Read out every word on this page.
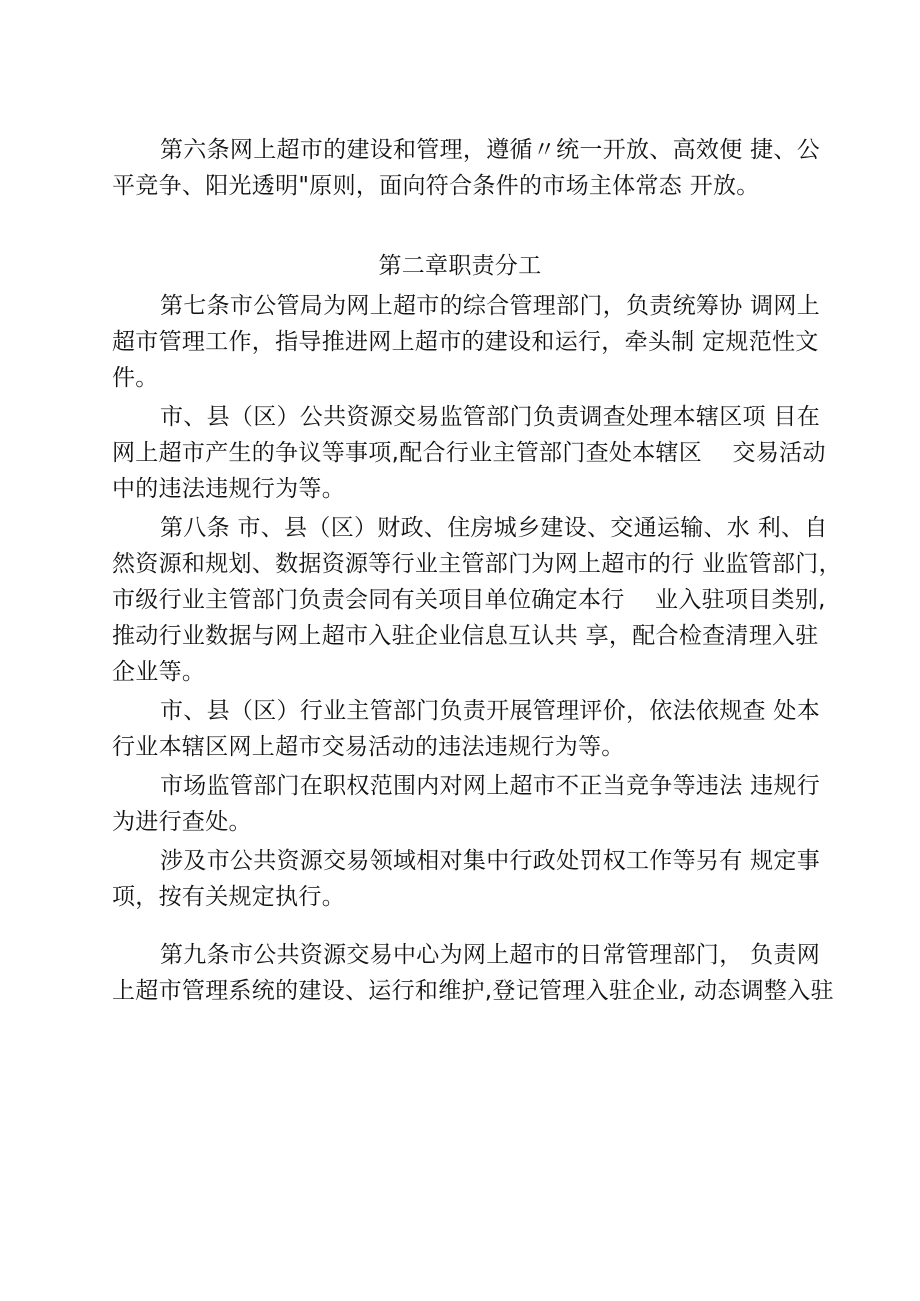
第六条网上超市的建设和管理，遵循〃统一开放、高效便 捷、公
平竞争、阳光透明"原则，面向符合条件的市场主体常态 开放。
第二章职责分工
第七条市公管局为网上超市的综合管理部门，负责统筹协 调网上
超市管理工作，指导推进网上超市的建设和运行，牵头制 定规范性文
件。
市、县（区）公共资源交易监管部门负责调查处理本辖区项 目在
网上超市产生的争议等事项,配合行业主管部门查处本辖区    交易活动
中的违法违规行为等。
第八条 市、县（区）财政、住房城乡建设、交通运输、水 利、自
然资源和规划、数据资源等行业主管部门为网上超市的行 业监管部门，
市级行业主管部门负责会同有关项目单位确定本行    业入驻项目类别,
推动行业数据与网上超市入驻企业信息互认共 享，配合检查清理入驻
企业等。
市、县（区）行业主管部门负责开展管理评价，依法依规查 处本
行业本辖区网上超市交易活动的违法违规行为等。
市场监管部门在职权范围内对网上超市不正当竞争等违法 违规行
为进行查处。
涉及市公共资源交易领域相对集中行政处罚权工作等另有 规定事
项，按有关规定执行。
第九条市公共资源交易中心为网上超市的日常管理部门， 负责网
上超市管理系统的建设、运行和维护,登记管理入驻企业, 动态调整入驻
